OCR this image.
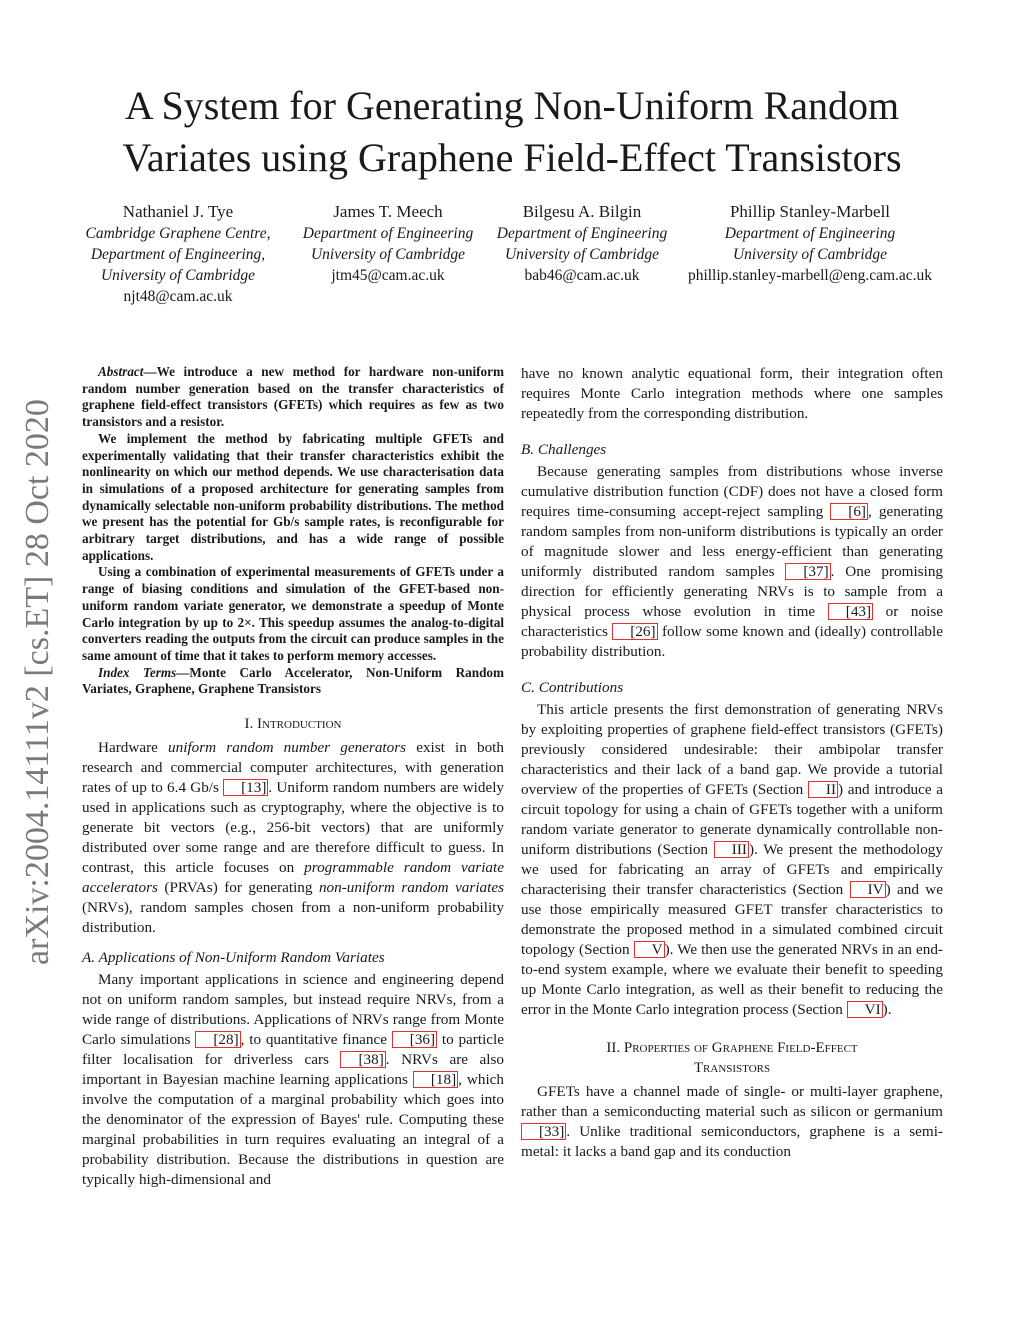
A System for Generating Non-Uniform Random
Variates using Graphene Field-Effect Transistors
Nathaniel J. Tye
Cambridge Graphene Centre,
Department of Engineering,
University of Cambridge
njt48@cam.ac.uk
James T. Meech
Department of Engineering
University of Cambridge
jtm45@cam.ac.uk
Bilgesu A. Bilgin
Department of Engineering
University of Cambridge
bab46@cam.ac.uk
Phillip Stanley-Marbell
Department of Engineering
University of Cambridge
phillip.stanley-marbell@eng.cam.ac.uk
arXiv:2004.14111v2 [cs.ET] 28 Oct 2020

Abstract—We introduce a new method for hardware non-uniform random number generation based on the transfer characteristics of graphene field-effect transistors (GFETs) which requires as few as two transistors and a resistor.

We implement the method by fabricating multiple GFETs and experimentally validating that their transfer characteristics exhibit the nonlinearity on which our method depends. We use characterisation data in simulations of a proposed architecture for generating samples from dynamically selectable non-uniform probability distributions. The method we present has the potential for Gb/s sample rates, is reconfigurable for arbitrary target distributions, and has a wide range of possible applications.

Using a combination of experimental measurements of GFETs under a range of biasing conditions and simulation of the GFET-based non-uniform random variate generator, we demonstrate a speedup of Monte Carlo integration by up to 2×. This speedup assumes the analog-to-digital converters reading the outputs from the circuit can produce samples in the same amount of time that it takes to perform memory accesses.

Index Terms—Monte Carlo Accelerator, Non-Uniform Random Variates, Graphene, Graphene Transistors

I. Introduction

Hardware uniform random number generators exist in both research and commercial computer architectures, with generation rates of up to 6.4 Gb/s [13] . Uniform random numbers are widely used in applications such as cryptography, where the objective is to generate bit vectors (e.g., 256-bit vectors) that are uniformly distributed over some range and are therefore difficult to guess. In contrast, this article focuses on programmable random variate accelerators (PRVAs) for generating non-uniform random variates (NRVs), random samples chosen from a non-uniform probability distribution.

A. Applications of Non-Uniform Random Variates

Many important applications in science and engineering depend not on uniform random samples, but instead require NRVs, from a wide range of distributions. Applications of NRVs range from Monte Carlo simulations [28] , to quantitative finance [36] to particle filter localisation for driverless cars [38] . NRVs are also important in Bayesian machine learning applications [18] , which involve the computation of a marginal probability which goes into the denominator of the expression of Bayes' rule. Computing these marginal probabilities in turn requires evaluating an integral of a probability distribution. Because the distributions in question are typically high-dimensional and

have no known analytic equational form, their integration often requires Monte Carlo integration methods where one samples repeatedly from the corresponding distribution.

B. Challenges

Because generating samples from distributions whose inverse cumulative distribution function (CDF) does not have a closed form requires time-consuming accept-reject sampling [6] , generating random samples from non-uniform distributions is typically an order of magnitude slower and less energy-efficient than generating uniformly distributed random samples [37] . One promising direction for efficiently generating NRVs is to sample from a physical process whose evolution in time [43] or noise characteristics [26] follow some known and (ideally) controllable probability distribution.

C. Contributions

This article presents the first demonstration of generating NRVs by exploiting properties of graphene field-effect transistors (GFETs) previously considered undesirable: their ambipolar transfer characteristics and their lack of a band gap. We provide a tutorial overview of the properties of GFETs (Section II ) and introduce a circuit topology for using a chain of GFETs together with a uniform random variate generator to generate dynamically controllable non-uniform distributions (Section III ). We present the methodology we used for fabricating an array of GFETs and empirically characterising their transfer characteristics (Section IV ) and we use those empirically measured GFET transfer characteristics to demonstrate the proposed method in a simulated combined circuit topology (Section V ). We then use the generated NRVs in an end-to-end system example, where we evaluate their benefit to speeding up Monte Carlo integration, as well as their benefit to reducing the error in the Monte Carlo integration process (Section VI ).

II. Properties of Graphene Field-Effect
Transistors

GFETs have a channel made of single- or multi-layer graphene, rather than a semiconducting material such as silicon or germanium [33] . Unlike traditional semiconductors, graphene is a semi-metal: it lacks a band gap and its conduction
